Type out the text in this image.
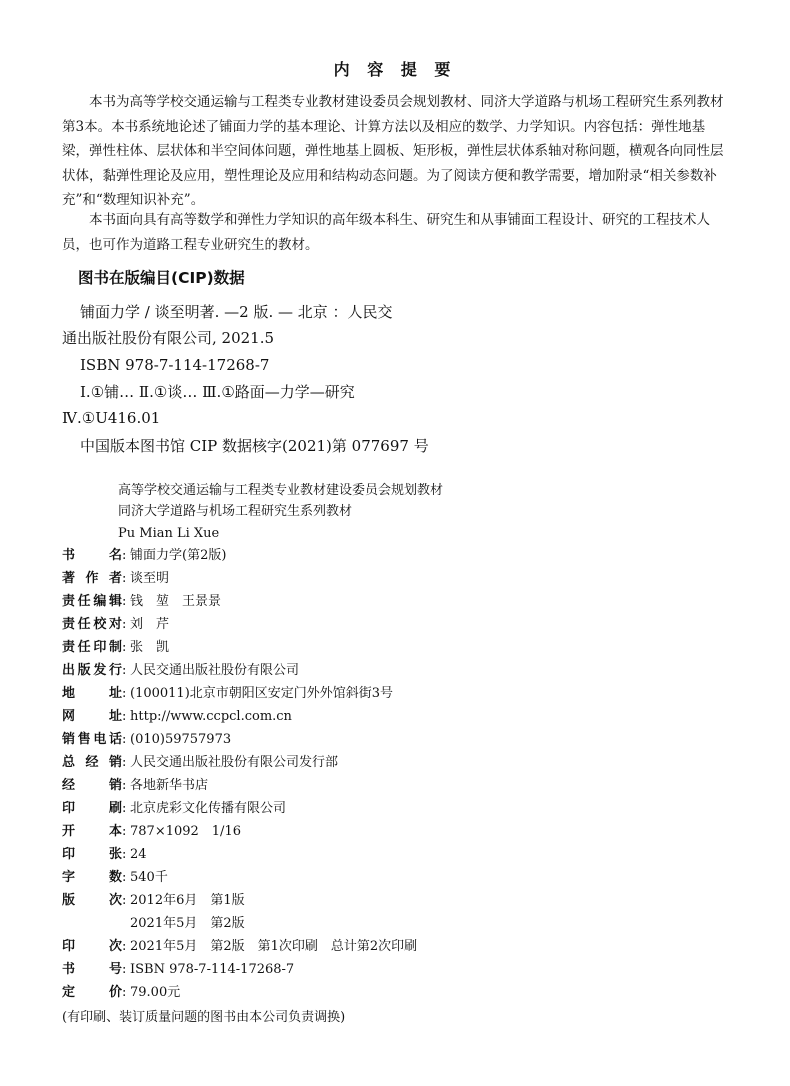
内 容 提 要
本书为高等学校交通运输与工程类专业教材建设委员会规划教材、同济大学道路与机场工程研究生系列教材第3本。本书系统地论述了铺面力学的基本理论、计算方法以及相应的数学、力学知识。内容包括：弹性地基梁，弹性柱体、层状体和半空间体问题，弹性地基上圆板、矩形板，弹性层状体系轴对称问题，横观各向同性层状体，黏弹性理论及应用，塑性理论及应用和结构动态问题。为了阅读方便和教学需要，增加附录“相关参数补充”和“数理知识补充”。
本书面向具有高等数学和弹性力学知识的高年级本科生、研究生和从事铺面工程设计、研究的工程技术人员，也可作为道路工程专业研究生的教材。
图书在版编目(CIP)数据
铺面力学 / 谈至明著. —2 版. — 北京 ：人民交
通出版社股份有限公司, 2021.5
ISBN 978-7-114-17268-7
Ⅰ.①铺… Ⅱ.①谈… Ⅲ.①路面—力学—研究
Ⅳ.①U416.01
中国版本图书馆 CIP 数据核字(2021)第 077697 号
高等学校交通运输与工程类专业教材建设委员会规划教材
同济大学道路与机场工程研究生系列教材
Pu Mian Li Xue
书　名 : 铺面力学(第2版)
著作者 : 谈至明
责任编辑 : 钱　堃　王景景
责任校对 : 刘　芹
责任印制 : 张　凯
出版发行 : 人民交通出版社股份有限公司
地　址 : (100011)北京市朝阳区安定门外外馆斜街3号
网　址 : http://www.ccpcl.com.cn
销售电话 : (010)59757973
总经销 : 人民交通出版社股份有限公司发行部
经　销 : 各地新华书店
印　刷 : 北京虎彩文化传播有限公司
开　本 : 787×1092　1/16
印　张 : 24
字　数 : 540千
版　次 : 2012年6月　第1版
2021年5月　第2版
印　次 : 2021年5月　第2版　第1次印刷　总计第2次印刷
书　号 : ISBN 978-7-114-17268-7
定　价 : 79.00元
(有印刷、装订质量问题的图书由本公司负责调换)
